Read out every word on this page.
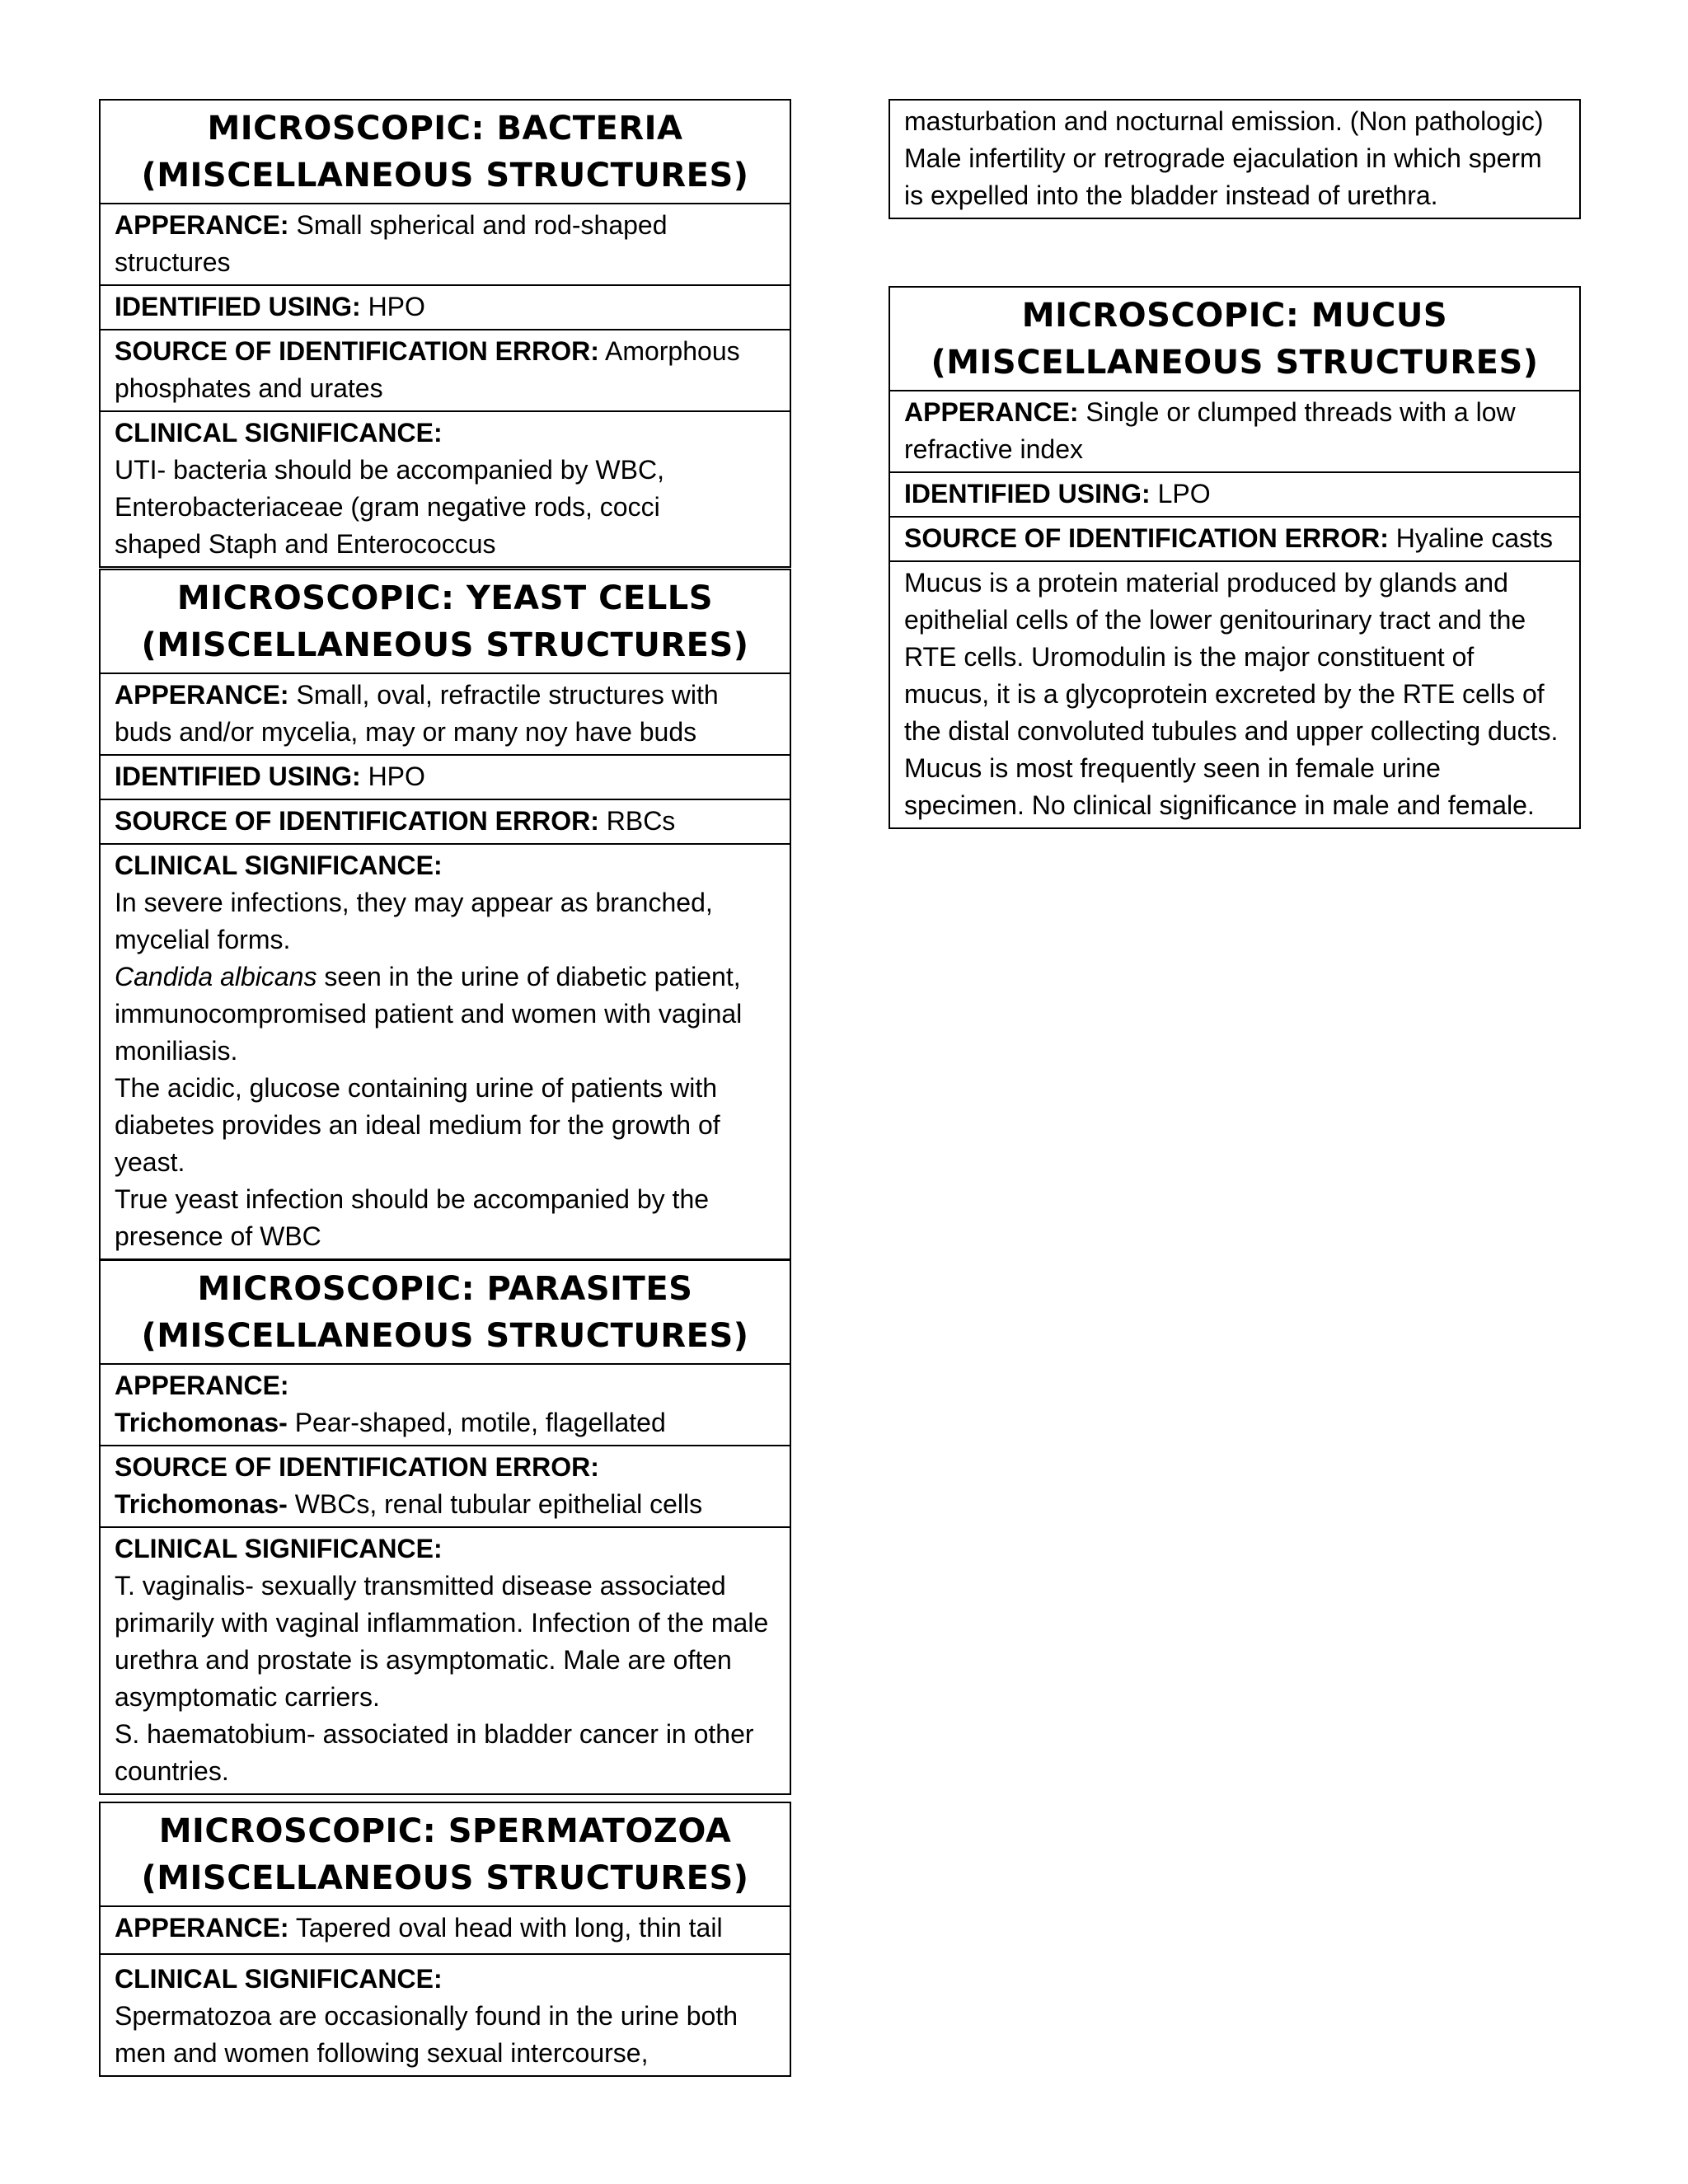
MICROSCOPIC: BACTERIA
(MISCELLANEOUS STRUCTURES)
APPERANCE: Small spherical and rod-shaped structures
IDENTIFIED USING: HPO
SOURCE OF IDENTIFICATION ERROR: Amorphous phosphates and urates
CLINICAL SIGNIFICANCE:
UTI- bacteria should be accompanied by WBC,
Enterobacteriaceae (gram negative rods, cocci
shaped Staph and Enterococcus
MICROSCOPIC: YEAST CELLS
(MISCELLANEOUS STRUCTURES)
APPERANCE: Small, oval, refractile structures with buds and/or mycelia, may or many noy have buds
IDENTIFIED USING: HPO
SOURCE OF IDENTIFICATION ERROR: RBCs
CLINICAL SIGNIFICANCE:
In severe infections, they may appear as branched, mycelial forms.
Candida albicans seen in the urine of diabetic patient, immunocompromised patient and women with vaginal moniliasis.
The acidic, glucose containing urine of patients with diabetes provides an ideal medium for the growth of yeast.
True yeast infection should be accompanied by the presence of WBC
MICROSCOPIC: PARASITES
(MISCELLANEOUS STRUCTURES)
APPERANCE:
Trichomonas- Pear-shaped, motile, flagellated
SOURCE OF IDENTIFICATION ERROR:
Trichomonas- WBCs, renal tubular epithelial cells
CLINICAL SIGNIFICANCE:
T. vaginalis- sexually transmitted disease associated primarily with vaginal inflammation. Infection of the male urethra and prostate is asymptomatic. Male are often asymptomatic carriers.
S. haematobium- associated in bladder cancer in other countries.
MICROSCOPIC: SPERMATOZOA
(MISCELLANEOUS STRUCTURES)
APPERANCE: Tapered oval head with long, thin tail
CLINICAL SIGNIFICANCE:
Spermatozoa are occasionally found in the urine both men and women following sexual intercourse,
masturbation and nocturnal emission. (Non pathologic)
Male infertility or retrograde ejaculation in which sperm is expelled into the bladder instead of urethra.
MICROSCOPIC: MUCUS
(MISCELLANEOUS STRUCTURES)
APPERANCE: Single or clumped threads with a low refractive index
IDENTIFIED USING: LPO
SOURCE OF IDENTIFICATION ERROR: Hyaline casts
Mucus is a protein material produced by glands and epithelial cells of the lower genitourinary tract and the RTE cells. Uromodulin is the major constituent of mucus, it is a glycoprotein excreted by the RTE cells of the distal convoluted tubules and upper collecting ducts.
Mucus is most frequently seen in female urine specimen. No clinical significance in male and female.
